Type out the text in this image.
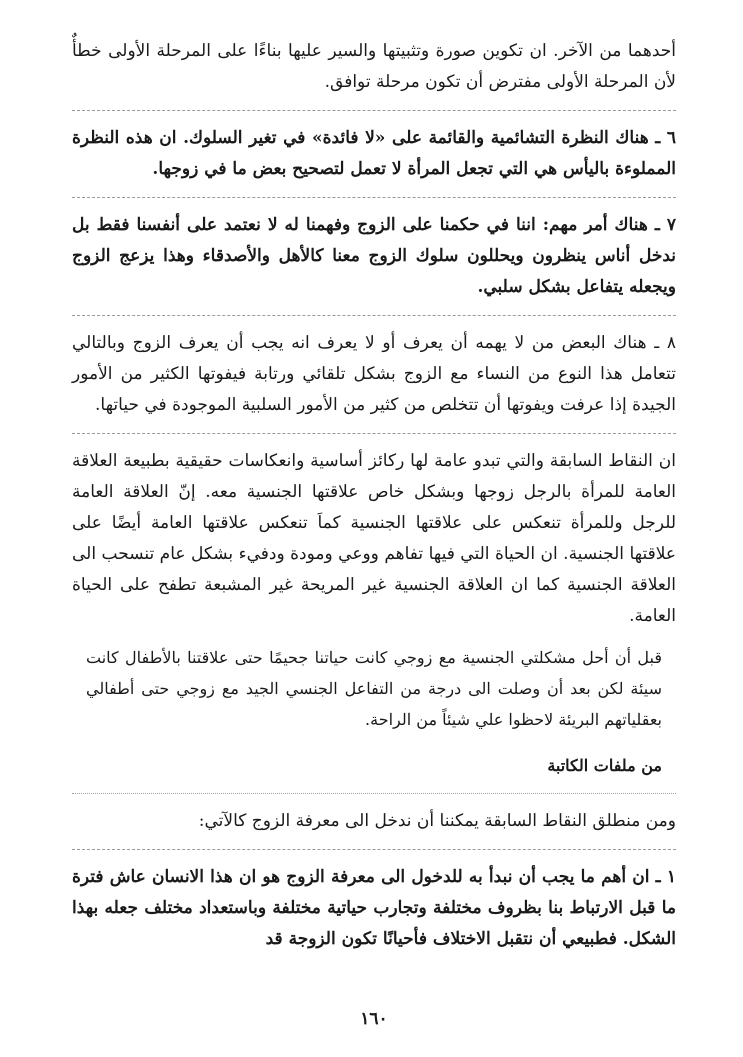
أحدهما من الآخر. ان تكوين صورة وتثبيتها والسير عليها بناءًا على المرحلة الأولى خطأٌ لأن المرحلة الأولى مفترض أن تكون مرحلة توافق.

٦ ـ هناك النظرة التشائمية والقائمة على «لا فائدة» في تغير السلوك. ان هذه النظرة المملوءة باليأس هي التي تجعل المرأة لا تعمل لتصحيح بعض ما في زوجها.

٧ ـ هناك أمر مهم: اننا في حكمنا على الزوج وفهمنا له لا نعتمد على أنفسنا فقط بل ندخل أناس ينظرون ويحللون سلوك الزوج معنا كالأهل والأصدقاء وهذا يزعج الزوج ويجعله يتفاعل بشكل سلبي.

٨ ـ هناك البعض من لا يهمه أن يعرف أو لا يعرف انه يجب أن يعرف الزوج وبالتالي تتعامل هذا النوع من النساء مع الزوج بشكل تلقائي ورتابة فيفوتها الكثير من الأمور الجيدة إذا عرفت ويفوتها أن تتخلص من كثير من الأمور السلبية الموجودة في حياتها.

ان النقاط السابقة والتي تبدو عامة لها ركائز أساسية وانعكاسات حقيقية بطبيعة العلاقة العامة للمرأة بالرجل زوجها وبشكل خاص علاقتها الجنسية معه. إنّ العلاقة العامة للرجل وللمرأة تنعكس على علاقتها الجنسية كماَ تنعكس علاقتها العامة أيضًا على علاقتها الجنسية. ان الحياة التي فيها تفاهم ووعي ومودة ودفيء بشكل عام تنسحب الى العلاقة الجنسية كما ان العلاقة الجنسية غير المريحة غير المشبعة تطفح على الحياة العامة.

قبل أن أحل مشكلتي الجنسية مع زوجي كانت حياتنا جحيمًا حتى علاقتنا بالأطفال كانت سيئة لكن بعد أن وصلت الى درجة من التفاعل الجنسي الجيد مع زوجي حتى أطفالي بعقلياتهم البريئة لاحظوا علي شيئاً من الراحة.

من ملفات الكاتبة

ومن منطلق النقاط السابقة يمكننا أن ندخل الى معرفة الزوج كالآتي:

١ ـ ان أهم ما يجب أن نبدأ به للدخول الى معرفة الزوج هو ان هذا الانسان عاش فترة ما قبل الارتباط بنا بظروف مختلفة وتجارب حياتية مختلفة وباستعداد مختلف جعله بهذا الشكل. فطبيعي أن نتقبل الاختلاف فأحيانًا تكون الزوجة قد

١٦٠
